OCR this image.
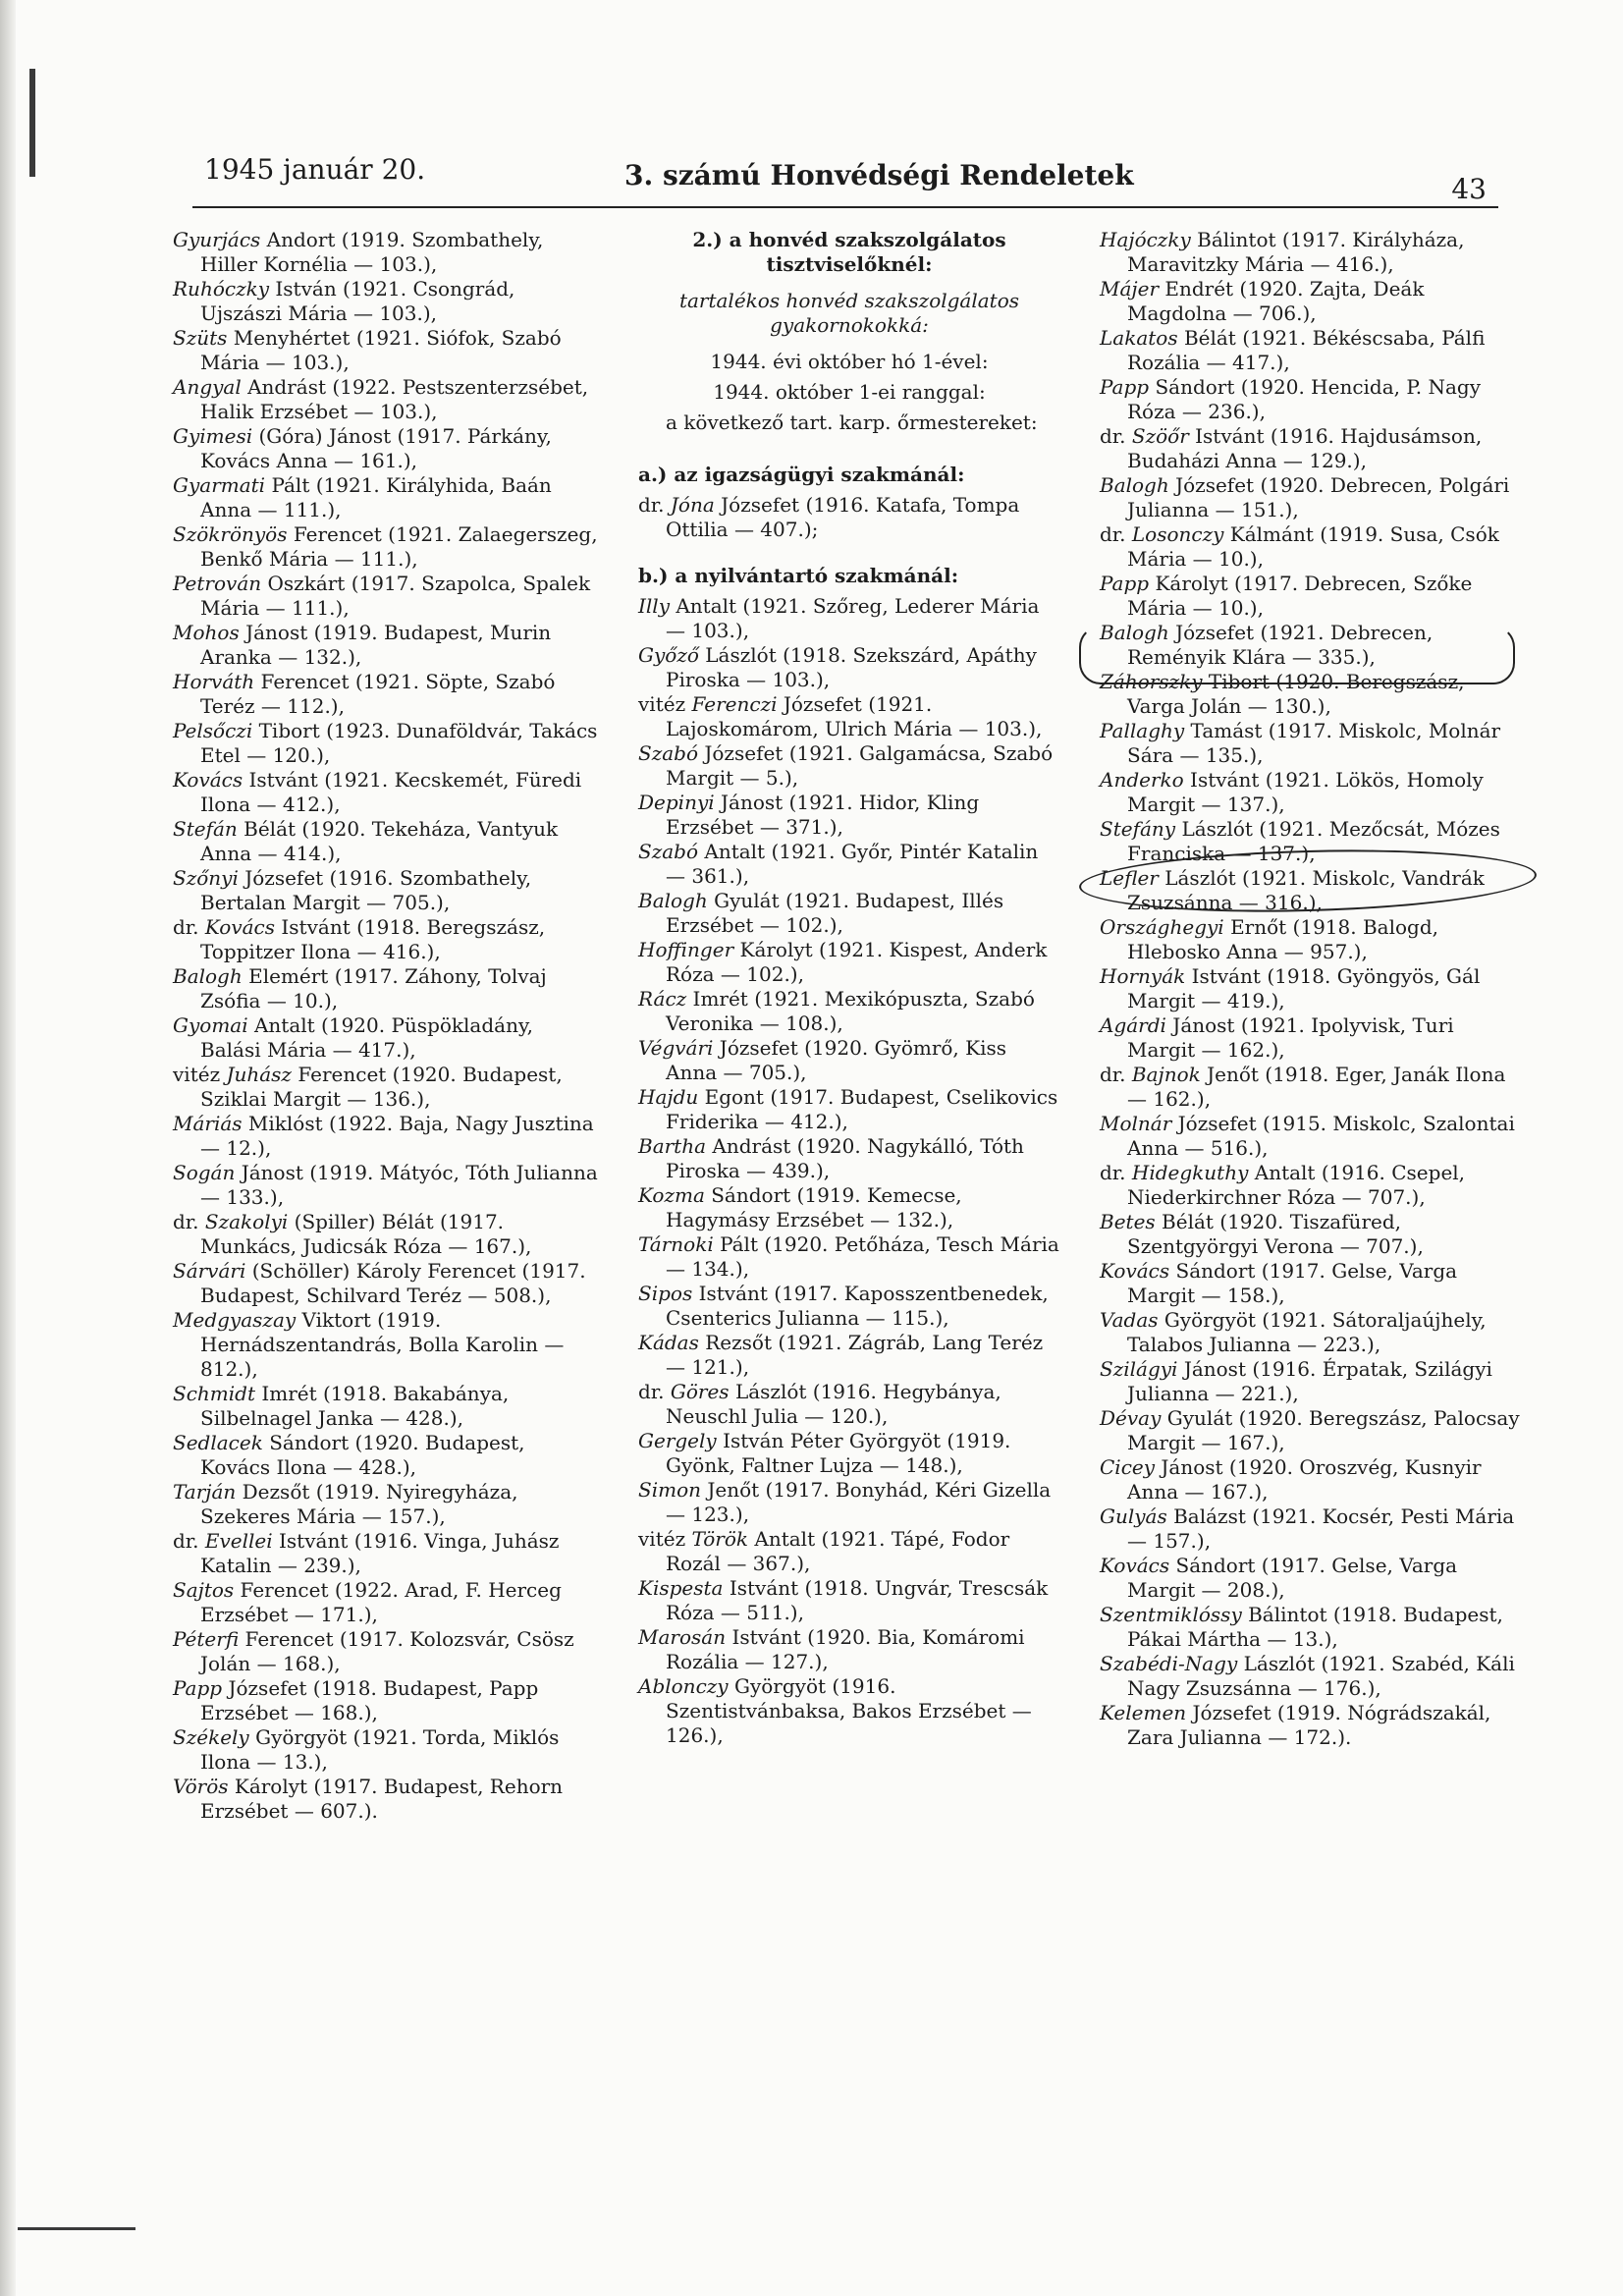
1945 január 20.	3. számú Honvédségi Rendeletek	43

Gyurjács Andort (1919. Szombathely, Hiller Kornélia — 103.),

Ruhóczky István (1921. Csongrád, Ujszászi Mária — 103.),

Szüts Menyhértet (1921. Siófok, Szabó Mária — 103.),

Angyal Andrást (1922. Pestszenterzsébet, Halik Erzsébet — 103.),

Gyimesi (Góra) Jánost (1917. Párkány, Kovács Anna — 161.),

Gyarmati Pált (1921. Királyhida, Baán Anna — 111.),

Szökrönyös Ferencet (1921. Zalaegerszeg, Benkő Mária — 111.),

Petrován Oszkárt (1917. Szapolca, Spalek Mária — 111.),

Mohos Jánost (1919. Budapest, Murin Aranka — 132.),

Horváth Ferencet (1921. Söpte, Szabó Teréz — 112.),

Pelsőczi Tibort (1923. Dunaföldvár, Takács Etel — 120.),

Kovács Istvánt (1921. Kecskemét, Füredi Ilona — 412.),

Stefán Bélát (1920. Tekeháza, Vantyuk Anna — 414.),

Szőnyi Józsefet (1916. Szombathely, Bertalan Margit — 705.),

dr. Kovács Istvánt (1918. Beregszász, Toppitzer Ilona — 416.),

Balogh Elemért (1917. Záhony, Tolvaj Zsófia — 10.),

Gyomai Antalt (1920. Püspökladány, Balási Mária — 417.),

vitéz Juhász Ferencet (1920. Budapest, Sziklai Margit — 136.),

Máriás Miklóst (1922. Baja, Nagy Jusztina — 12.),

Sogán Jánost (1919. Mátyóc, Tóth Julianna — 133.),

dr. Szakolyi (Spiller) Bélát (1917. Munkács, Judicsák Róza — 167.),

Sárvári (Schöller) Károly Ferencet (1917. Budapest, Schilvard Teréz — 508.),

Medgyaszay Viktort (1919. Hernádszentandrás, Bolla Karolin — 812.),

Schmidt Imrét (1918. Bakabánya, Silbelnagel Janka — 428.),

Sedlacek Sándort (1920. Budapest, Kovács Ilona — 428.),

Tarján Dezsőt (1919. Nyiregyháza, Szekeres Mária — 157.),

dr. Evellei Istvánt (1916. Vinga, Juhász Katalin — 239.),

Sajtos Ferencet (1922. Arad, F. Herceg Erzsébet — 171.),

Péterfi Ferencet (1917. Kolozsvár, Csösz Jolán — 168.),

Papp Józsefet (1918. Budapest, Papp Erzsébet — 168.),

Székely Györgyöt (1921. Torda, Miklós Ilona — 13.),

Vörös Károlyt (1917. Budapest, Rehorn Erzsébet — 607.).

2.) a honvéd szakszolgálatos tisztviselőknél:

tartalékos honvéd szakszolgálatos gyakornokokká:

1944. évi október hó 1-ével:

1944. október 1-ei ranggal:

a következő tart. karp. őrmestereket:

a.) az igazságügyi szakmánál:

dr. Jóna Józsefet (1916. Katafa, Tompa Ottilia — 407.);

b.) a nyilvántartó szakmánál:

Illy Antalt (1921. Szőreg, Lederer Mária — 103.),

Győző Lászlót (1918. Szekszárd, Apáthy Piroska — 103.),

vitéz Ferenczi Józsefet (1921. Lajoskomárom, Ulrich Mária — 103.),

Szabó Józsefet (1921. Galgamácsa, Szabó Margit — 5.),

Depinyi Jánost (1921. Hidor, Kling Erzsébet — 371.),

Szabó Antalt (1921. Győr, Pintér Katalin — 361.),

Balogh Gyulát (1921. Budapest, Illés Erzsébet — 102.),

Hoffinger Károlyt (1921. Kispest, Anderk Róza — 102.),

Rácz Imrét (1921. Mexikópuszta, Szabó Veronika — 108.),

Végvári Józsefet (1920. Gyömrő, Kiss Anna — 705.),

Hajdu Egont (1917. Budapest, Cselikovics Friderika — 412.),

Bartha Andrást (1920. Nagykálló, Tóth Piroska — 439.),

Kozma Sándort (1919. Kemecse, Hagymásy Erzsébet — 132.),

Tárnoki Pált (1920. Petőháza, Tesch Mária — 134.),

Sipos Istvánt (1917. Kaposszentbenedek, Csenterics Julianna — 115.),

Kádas Rezsőt (1921. Zágráb, Lang Teréz — 121.),

dr. Göres Lászlót (1916. Hegybánya, Neuschl Julia — 120.),

Gergely István Péter Györgyöt (1919. Gyönk, Faltner Lujza — 148.),

Simon Jenőt (1917. Bonyhád, Kéri Gizella — 123.),

vitéz Török Antalt (1921. Tápé, Fodor Rozál — 367.),

Kispesta Istvánt (1918. Ungvár, Trescsák Róza — 511.),

Marosán Istvánt (1920. Bia, Komáromi Rozália — 127.),

Ablonczy Györgyöt (1916. Szentistvánbaksa, Bakos Erzsébet — 126.),

Hajóczky Bálintot (1917. Királyháza, Maravitzky Mária — 416.),

Májer Endrét (1920. Zajta, Deák Magdolna — 706.),

Lakatos Bélát (1921. Békéscsaba, Pálfi Rozália — 417.),

Papp Sándort (1920. Hencida, P. Nagy Róza — 236.),

dr. Szöőr Istvánt (1916. Hajdusámson, Budaházi Anna — 129.),

Balogh Józsefet (1920. Debrecen, Polgári Julianna — 151.),

dr. Losonczy Kálmánt (1919. Susa, Csók Mária — 10.),

Papp Károlyt (1917. Debrecen, Szőke Mária — 10.),

Balogh Józsefet (1921. Debrecen, Reményik Klára — 335.),

Záhorszky Tibort (1920. Beregszász, Varga Jolán — 130.),

Pallaghy Tamást (1917. Miskolc, Molnár Sára — 135.),

Anderko Istvánt (1921. Lökös, Homoly Margit — 137.),

Stefány Lászlót (1921. Mezőcsát, Mózes Franciska — 137.),

Lefler Lászlót (1921. Miskolc, Vandrák Zsuzsánna — 316.),

Országhegyi Ernőt (1918. Balogd, Hlebosko Anna — 957.),

Hornyák Istvánt (1918. Gyöngyös, Gál Margit — 419.),

Agárdi Jánost (1921. Ipolyvisk, Turi Margit — 162.),

dr. Bajnok Jenőt (1918. Eger, Janák Ilona — 162.),

Molnár Józsefet (1915. Miskolc, Szalontai Anna — 516.),

dr. Hidegkuthy Antalt (1916. Csepel, Niederkirchner Róza — 707.),

Betes Bélát (1920. Tiszafüred, Szentgyörgyi Verona — 707.),

Kovács Sándort (1917. Gelse, Varga Margit — 158.),

Vadas Györgyöt (1921. Sátoraljaújhely, Talabos Julianna — 223.),

Szilágyi Jánost (1916. Érpatak, Szilágyi Julianna — 221.),

Dévay Gyulát (1920. Beregszász, Palocsay Margit — 167.),

Cicey Jánost (1920. Oroszvég, Kusnyir Anna — 167.),

Gulyás Balázst (1921. Kocsér, Pesti Mária — 157.),

Kovács Sándort (1917. Gelse, Varga Margit — 208.),

Szentmiklóssy Bálintot (1918. Budapest, Pákai Mártha — 13.),

Szabédi-Nagy Lászlót (1921. Szabéd, Káli Nagy Zsuzsánna — 176.),

Kelemen Józsefet (1919. Nógrádszakál, Zara Julianna — 172.).
